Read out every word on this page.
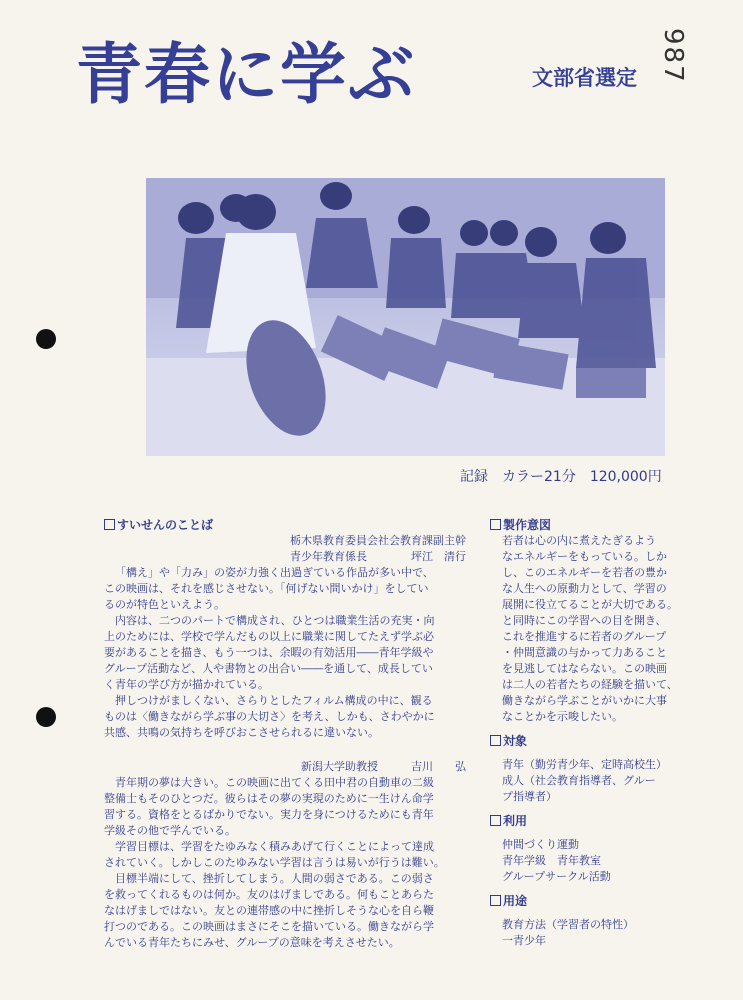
987
青春に学ぶ	文部省選定
記録　カラー21分　120,000円
すいせんのことば
栃木県教育委員会社会教育課副主幹
青少年教育係長　　　　坪江　清行

「構え」や「力み」の姿が力強く出過ぎている作品が多い中で、
この映画は、それを感じさせない。「何げない問いかけ」をしてい
るのが特色といえよう。

内容は、二つのパートで構成され、ひとつは職業生活の充実・向
上のためには、学校で学んだもの以上に職業に関してたえず学ぶ必
要があることを描き、もう一つは、余暇の有効活用――青年学級や
グループ活動など、人や書物との出合い――を通して、成長してい
く青年の学び方が描かれている。

押しつけがましくない、さらりとしたフィルム構成の中に、観る
ものは〈働きながら学ぶ事の大切さ〉を考え、しかも、さわやかに
共感、共鳴の気持ちを呼びおこさせられるに違いない。

新潟大学助教授　　　吉川　　弘

青年期の夢は大きい。この映画に出てくる田中君の自動車の二級
整備士もそのひとつだ。彼らはその夢の実現のために一生けん命学
習する。資格をとるばかりでない。実力を身につけるためにも青年
学級その他で学んでいる。

学習目標は、学習をたゆみなく積みあげて行くことによって達成
されていく。しかしこのたゆみない学習は言うは易いが行うは難い。

目標半端にして、挫折してしまう。人間の弱さである。この弱さ
を救ってくれるものは何か。友のはげましである。何もことあらた
なはげましではない。友との連帯感の中に挫折しそうな心を自ら鞭
打つのである。この映画はまさにそこを描いている。働きながら学
んでいる青年たちにみせ、グループの意味を考えさせたい。

製作意図
若者は心の内に煮えたぎるよう
なエネルギーをもっている。しか
し、このエネルギーを若者の豊か
な人生への原動力として、学習の
展開に役立てることが大切である。
と同時にこの学習への目を開き、
これを推進するに若者のグループ
・仲間意識の与かって力あること
を見逃してはならない。この映画
は二人の若者たちの経験を描いて、
働きながら学ぶことがいかに大事
なことかを示唆したい。
対象
青年（勤労青少年、定時高校生）
成人（社会教育指導者、グルー
プ指導者）
利用
仲間づくり運動
青年学級　青年教室
グループサークル活動
用途
教育方法（学習者の特性）
一青少年
